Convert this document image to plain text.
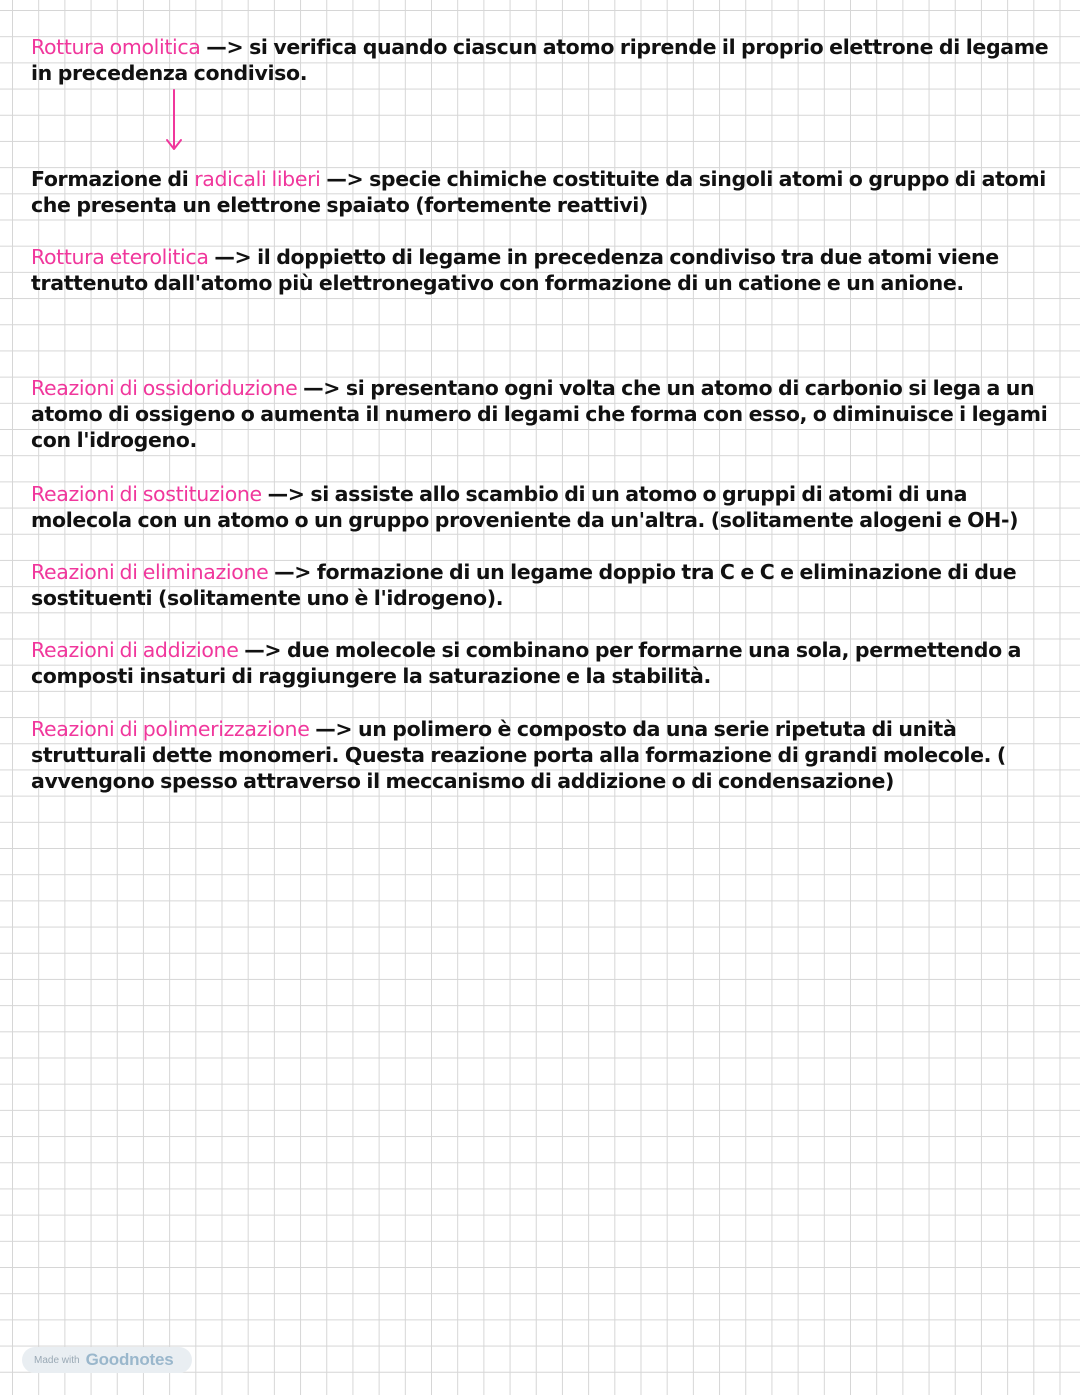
Rottura omolitica —> si verifica quando ciascun atomo riprende il proprio elettrone di legame in precedenza condiviso.

Formazione di radicali liberi —> specie chimiche costituite da singoli atomi o gruppo di atomi che presenta un elettrone spaiato (fortemente reattivi)

Rottura eterolitica —> il doppietto di legame in precedenza condiviso tra due atomi viene trattenuto dall'atomo più elettronegativo con formazione di un catione e un anione.

Reazioni di ossidoriduzione —> si presentano ogni volta che un atomo di carbonio si lega a un atomo di ossigeno o aumenta il numero di legami che forma con esso, o diminuisce i legami con l'idrogeno.

Reazioni di sostituzione —> si assiste allo scambio di un atomo o gruppi di atomi di una molecola con un atomo o un gruppo proveniente da un'altra. (solitamente alogeni e OH-)

Reazioni di eliminazione —> formazione di un legame doppio tra C e C e eliminazione di due sostituenti (solitamente uno è l'idrogeno).

Reazioni di addizione —> due molecole si combinano per formarne una sola, permettendo a composti insaturi di raggiungere la saturazione e la stabilità.

Reazioni di polimerizzazione —> un polimero è composto da una serie ripetuta di unità strutturali dette monomeri. Questa reazione porta alla formazione di grandi molecole. ( avvengono spesso attraverso il meccanismo di addizione o di condensazione)

Made with Goodnotes
